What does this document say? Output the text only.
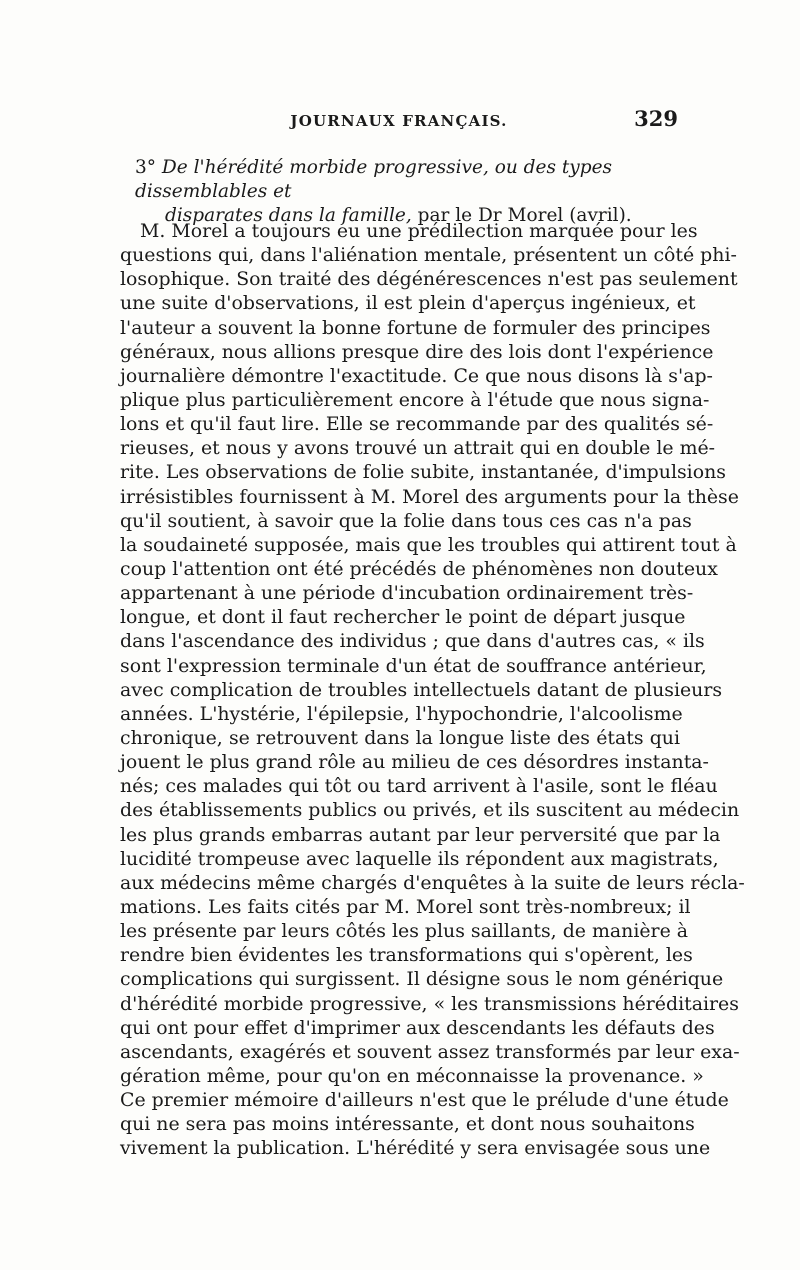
JOURNAUX FRANÇAIS.	329
3° De l'hérédité morbide progressive, ou des types dissemblables et
disparates dans la famille, par le Dr Morel (avril).
M. Morel a toujours eu une prédilection marquée pour les
questions qui, dans l'aliénation mentale, présentent un côté phi-
losophique. Son traité des dégénérescences n'est pas seulement
une suite d'observations, il est plein d'aperçus ingénieux, et
l'auteur a souvent la bonne fortune de formuler des principes
généraux, nous allions presque dire des lois dont l'expérience
journalière démontre l'exactitude. Ce que nous disons là s'ap-
plique plus particulièrement encore à l'étude que nous signa-
lons et qu'il faut lire. Elle se recommande par des qualités sé-
rieuses, et nous y avons trouvé un attrait qui en double le mé-
rite. Les observations de folie subite, instantanée, d'impulsions
irrésistibles fournissent à M. Morel des arguments pour la thèse
qu'il soutient, à savoir que la folie dans tous ces cas n'a pas
la soudaineté supposée, mais que les troubles qui attirent tout à
coup l'attention ont été précédés de phénomènes non douteux
appartenant à une période d'incubation ordinairement très-
longue, et dont il faut rechercher le point de départ jusque
dans l'ascendance des individus ; que dans d'autres cas, « ils
sont l'expression terminale d'un état de souffrance antérieur,
avec complication de troubles intellectuels datant de plusieurs
années. L'hystérie, l'épilepsie, l'hypochondrie, l'alcoolisme
chronique, se retrouvent dans la longue liste des états qui
jouent le plus grand rôle au milieu de ces désordres instanta-
nés; ces malades qui tôt ou tard arrivent à l'asile, sont le fléau
des établissements publics ou privés, et ils suscitent au médecin
les plus grands embarras autant par leur perversité que par la
lucidité trompeuse avec laquelle ils répondent aux magistrats,
aux médecins même chargés d'enquêtes à la suite de leurs récla-
mations. Les faits cités par M. Morel sont très-nombreux; il
les présente par leurs côtés les plus saillants, de manière à
rendre bien évidentes les transformations qui s'opèrent, les
complications qui surgissent. Il désigne sous le nom générique
d'hérédité morbide progressive, « les transmissions héréditaires
qui ont pour effet d'imprimer aux descendants les défauts des
ascendants, exagérés et souvent assez transformés par leur exa-
gération même, pour qu'on en méconnaisse la provenance. »
Ce premier mémoire d'ailleurs n'est que le prélude d'une étude
qui ne sera pas moins intéressante, et dont nous souhaitons
vivement la publication. L'hérédité y sera envisagée sous une
